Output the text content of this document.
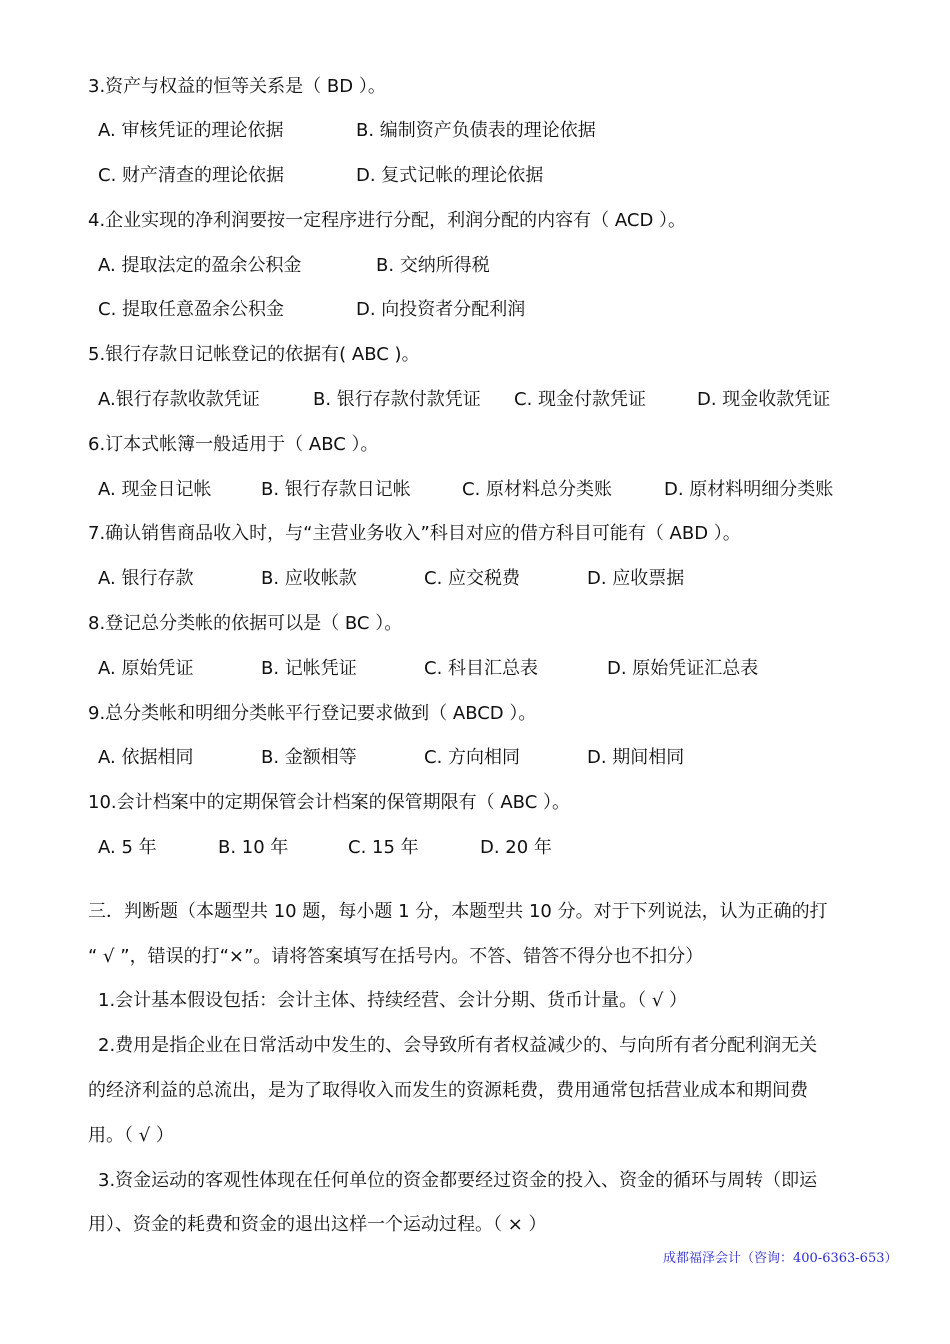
3.资产与权益的恒等关系是（ BD ）。
A. 审核凭证的理论依据	B. 编制资产负债表的理论依据
C. 财产清查的理论依据	D. 复式记帐的理论依据
4.企业实现的净利润要按一定程序进行分配，利润分配的内容有（ ACD ）。
A. 提取法定的盈余公积金	B. 交纳所得税
C. 提取任意盈余公积金	D. 向投资者分配利润
5.银行存款日记帐登记的依据有( ABC )。
A.银行存款收款凭证	B. 银行存款付款凭证 C. 现金付款凭证	D. 现金收款凭证
6.订本式帐簿一般适用于（ ABC ）。
A. 现金日记帐	B. 银行存款日记帐	C. 原材料总分类账	D. 原材料明细分类账
7.确认销售商品收入时，与“主营业务收入”科目对应的借方科目可能有（ ABD ）。
A. 银行存款	B. 应收帐款	C. 应交税费	D. 应收票据
8.登记总分类帐的依据可以是（ BC ）。
A. 原始凭证	B. 记帐凭证	C. 科目汇总表	D. 原始凭证汇总表
9.总分类帐和明细分类帐平行登记要求做到（ ABCD ）。
A. 依据相同	B. 金额相等	C. 方向相同	D. 期间相同
10.会计档案中的定期保管会计档案的保管期限有（ ABC ）。
A. 5 年	B. 10 年	C. 15 年	D. 20 年
三．判断题（本题型共 10 题，每小题 1 分，本题型共 10 分。对于下列说法，认为正确的打
“ √ ”，错误的打“×”。请将答案填写在括号内。不答、错答不得分也不扣分）
1.会计基本假设包括：会计主体、持续经营、会计分期、货币计量。（ √ ）
2.费用是指企业在日常活动中发生的、会导致所有者权益减少的、与向所有者分配利润无关
的经济利益的总流出，是为了取得收入而发生的资源耗费，费用通常包括营业成本和期间费
用。（ √ ）
3.资金运动的客观性体现在任何单位的资金都要经过资金的投入、资金的循环与周转（即运
用）、资金的耗费和资金的退出这样一个运动过程。（ × ）
成都福泽会计（咨询：400-6363-653）
